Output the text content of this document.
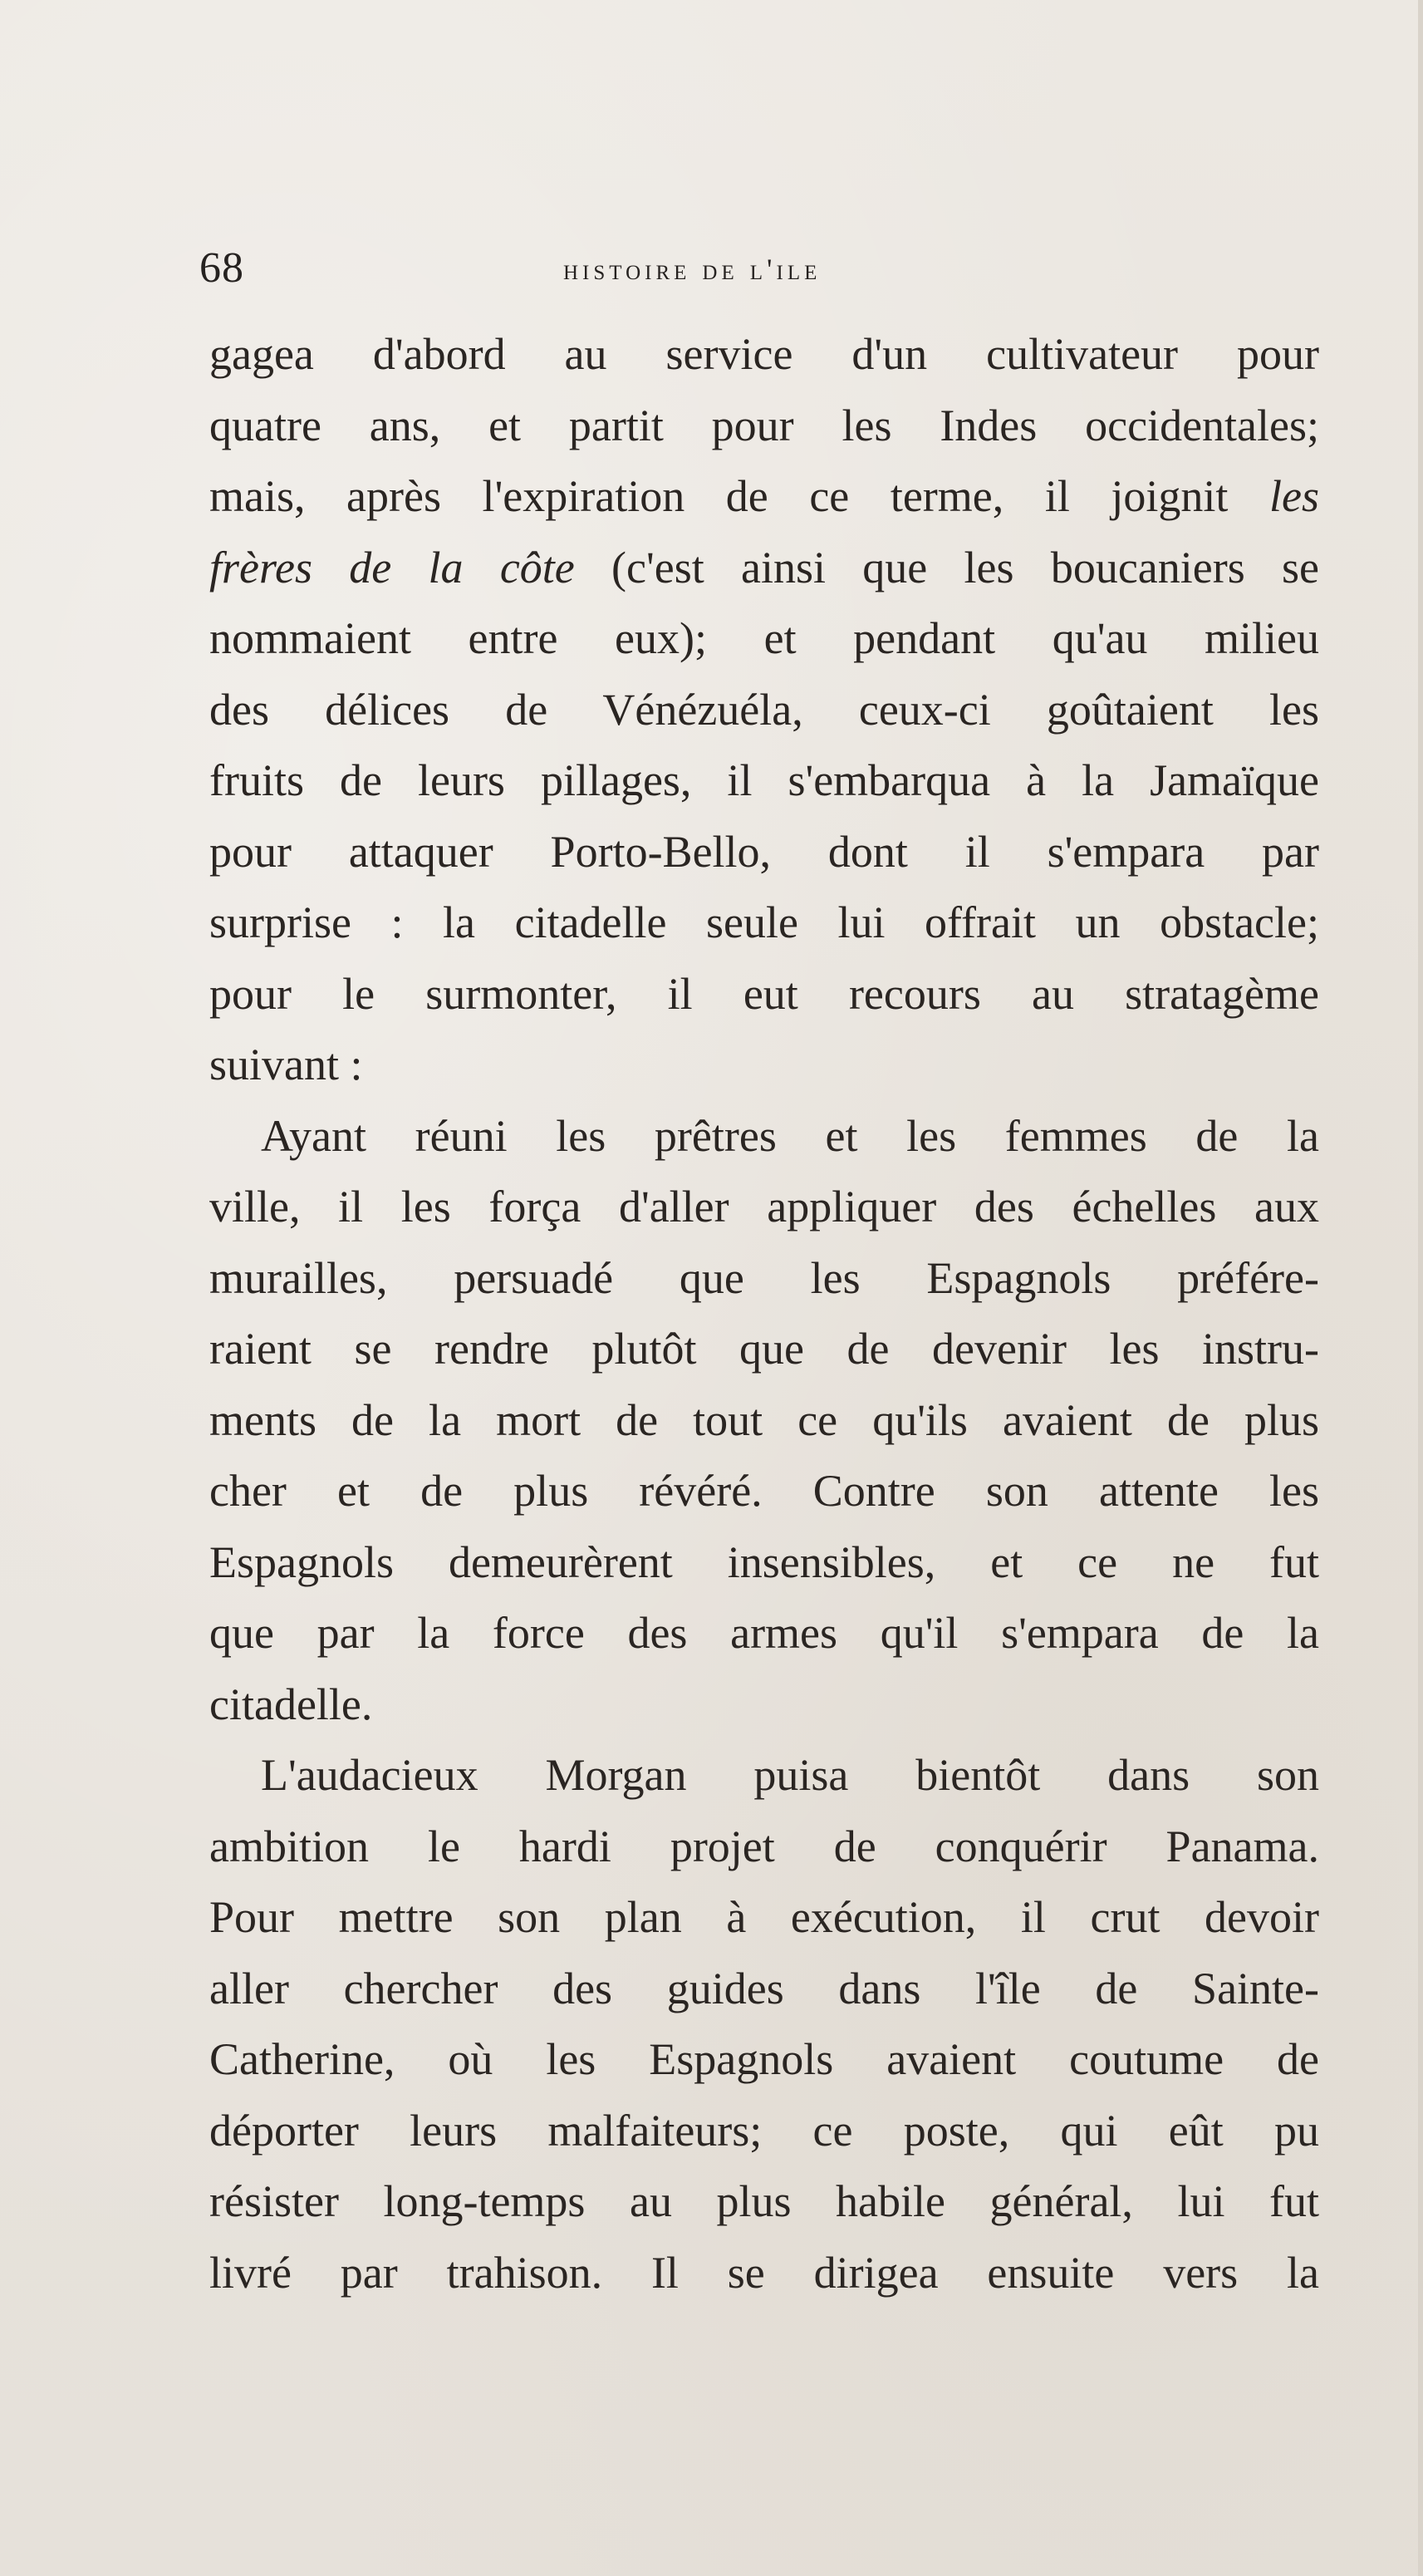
68	histoire de l'ile
gagea d'abord au service d'un cultivateur pour
quatre ans, et partit pour les Indes occidentales;
mais, après l'expiration de ce terme, il joignit les
frères de la côte (c'est ainsi que les boucaniers se
nommaient entre eux); et pendant qu'au milieu
des délices de Vénézuéla, ceux-ci goûtaient les
fruits de leurs pillages, il s'embarqua à la Jamaïque
pour attaquer Porto-Bello, dont il s'empara par
surprise : la citadelle seule lui offrait un obstacle;
pour le surmonter, il eut recours au stratagème
suivant :
Ayant réuni les prêtres et les femmes de la
ville, il les força d'aller appliquer des échelles aux
murailles, persuadé que les Espagnols préfére-
raient se rendre plutôt que de devenir les instru-
ments de la mort de tout ce qu'ils avaient de plus
cher et de plus révéré. Contre son attente les
Espagnols demeurèrent insensibles, et ce ne fut
que par la force des armes qu'il s'empara de la
citadelle.
L'audacieux Morgan puisa bientôt dans son
ambition le hardi projet de conquérir Panama.
Pour mettre son plan à exécution, il crut devoir
aller chercher des guides dans l'île de Sainte-
Catherine, où les Espagnols avaient coutume de
déporter leurs malfaiteurs; ce poste, qui eût pu
résister long-temps au plus habile général, lui fut
livré par trahison. Il se dirigea ensuite vers la
